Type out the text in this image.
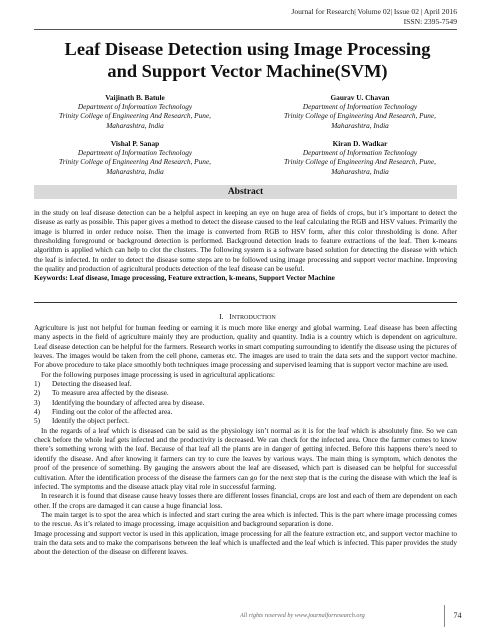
Journal for Research| Volume 02| Issue 02 | April 2016
ISSN: 2395-7549
Leaf Disease Detection using Image Processing
and Support Vector Machine(SVM)
Vaijinath B. Batule
Department of Information Technology
Trinity College of Engineering And Research, Pune,
Maharashtra, India
Gaurav U. Chavan
Department of Information Technology
Trinity College of Engineering And Research, Pune,
Maharashtra, India
Vishal P. Sanap
Department of Information Technology
Trinity College of Engineering And Research, Pune,
Maharashtra, India
Kiran D. Wadkar
Department of Information Technology
Trinity College of Engineering And Research, Pune,
Maharashtra, India
Abstract
in the study on leaf disease detection can be a helpful aspect in keeping an eye on huge area of fields of crops, but it’s important to detect the disease as early as possible. This paper gives a method to detect the disease caused to the leaf calculating the RGB and HSV values. Primarily the image is blurred in order reduce noise. Then the image is converted from RGB to HSV form, after this color thresholding is done. After thresholding foreground or background detection is performed. Background detection leads to feature extractions of the leaf. Then k-means algorithm is applied which can help to clot the clusters. The following system is a software based solution for detecting the disease with which the leaf is infected. In order to detect the disease some steps are to be followed using image processing and support vector machine. Improving the quality and production of agricultural products detection of the leaf disease can be useful.
Keywords: Leaf disease, Image processing, Feature extraction, k-means, Support Vector Machine
I. INTRODUCTION

Agriculture is just not helpful for human feeding or earning it is much more like energy and global warming. Leaf disease has been affecting many aspects in the field of agriculture mainly they are production, quality and quantity. India is a country which is dependent on agriculture. Leaf disease detection can be helpful for the farmers. Research works in smart computing surrounding to identify the disease using the pictures of leaves. The images would be taken from the cell phone, cameras etc. The images are used to train the data sets and the support vector machine. For above procedure to take place smoothly both techniques image processing and supervised learning that is support vector machine are used.

For the following purposes image processing is used in agricultural applications:

1)	Detecting the diseased leaf.
2)	To measure area affected by the disease.
3)	Identifying the boundary of affected area by disease.
4)	Finding out the color of the affected area.
5)	Identify the object perfect.

In the regards of a leaf which is diseased can be said as the physiology isn’t normal as it is for the leaf which is absolutely fine. So we can check before the whole leaf gets infected and the productivity is decreased. We can check for the infected area. Once the farmer comes to know there’s something wrong with the leaf. Because of that leaf all the plants are in danger of getting infected. Before this happens there’s need to identify the disease. And after knowing it farmers can try to cure the leaves by various ways. The main thing is symptom, which denotes the proof of the presence of something. By gauging the answers about the leaf are diseased, which part is diseased can be helpful for successful cultivation. After the identification process of the disease the farmers can go for the next step that is the curing the disease with which the leaf is infected. The symptoms and the disease attack play vital role in successful farming.

In research it is found that disease cause heavy losses there are different losses financial, crops are lost and each of them are dependent on each other. If the crops are damaged it can cause a huge financial loss.

The main target is to spot the area which is infected and start curing the area which is infected. This is the part where image processing comes to the rescue. As it’s related to image processing, image acquisition and background separation is done.

Image processing and support vector is used in this application, image processing for all the feature extraction etc, and support vector machine to train the data sets and to make the comparisons between the leaf which is unaffected and the leaf which is infected. This paper provides the study about the detection of the disease on different leaves.

All rights reserved by www.journalforresearch.org	74
